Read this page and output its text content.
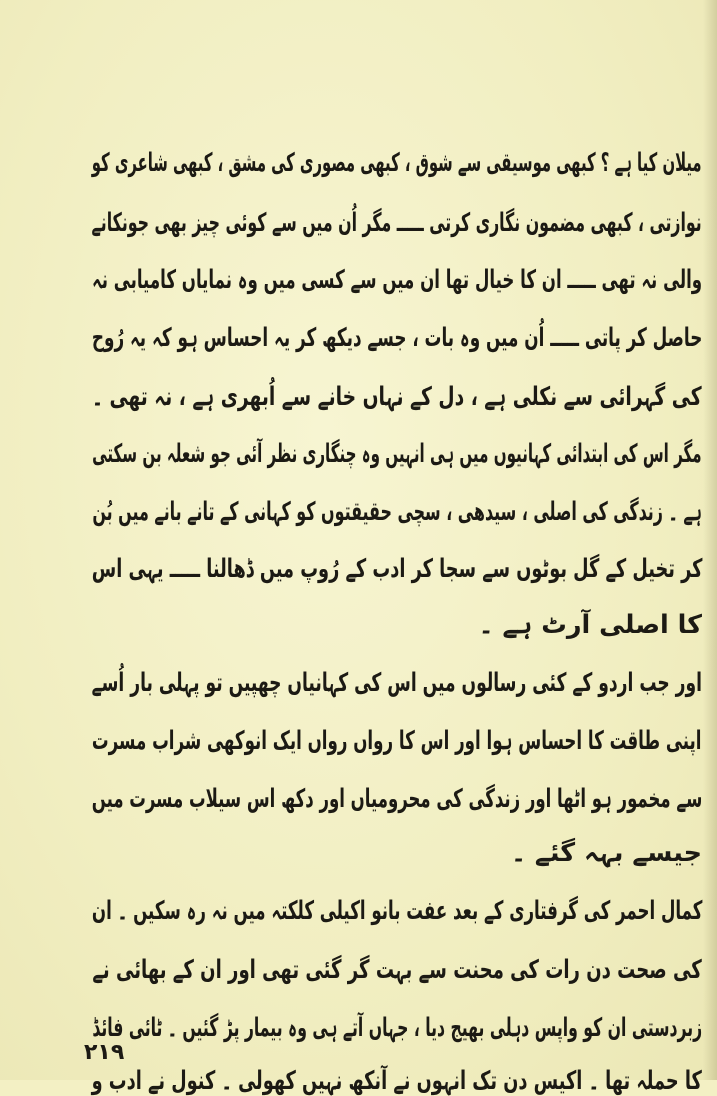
میلان کیا ہے ؟ کبھی موسیقی سے شوق ، کبھی مصوری کی مشق ، کبھی شاعری کو
نوازتی ، کبھی مضمون نگاری کرتی ـــــ مگر اُن میں سے کوئی چیز بھی جونکانے
والی نہ تھی ـــــ ان کا خیال تھا ان میں سے کسی میں وہ نمایاں کامیابی نہ
حاصل کر پاتی ـــــ اُن میں وہ بات ، جسے دیکھ کر یہ احساس ہو کہ یہ رُوح
کی گہرائی سے نکلی ہے ، دل کے نہاں خانے سے اُبھری ہے ، نہ تھی ۔
مگر اس کی ابتدائی کہانیوں میں ہی انہیں وہ چنگاری نظر آئی جو شعلہ بن سکتی
ہے ۔ زندگی کی اصلی ، سیدھی ، سچی حقیقتوں کو کہانی کے تانے بانے میں بُن
کر تخیل کے گل بوٹوں سے سجا کر ادب کے رُوپ میں ڈھالنا ـــــ یہی اس
کا اصلی آرٹ ہے ۔
اور جب اردو کے کئی رسالوں میں اس کی کہانیاں چھپیں تو پہلی بار اُسے
اپنی طاقت کا احساس ہوا اور اس کا رواں رواں ایک انوکھی شراب مسرت
سے مخمور ہو اٹھا اور زندگی کی محرومیاں اور دکھ اس سیلاب مسرت میں
جیسے بہہ گئے ۔
کمال احمر کی گرفتاری کے بعد عفت بانو اکیلی کلکتہ میں نہ رہ سکیں ۔ ان
کی صحت دن رات کی محنت سے بہت گر گئی تھی اور ان کے بھائی نے
زبردستی ان کو واپس دہلی بھیج دیا ، جہاں آتے ہی وہ بیمار پڑ گئیں ۔ ٹائی فائڈ
کا حملہ تھا ۔ اکیس دن تک انہوں نے آنکھ نہیں کھولی ۔ کنول نے ادب و
۲۱۹
